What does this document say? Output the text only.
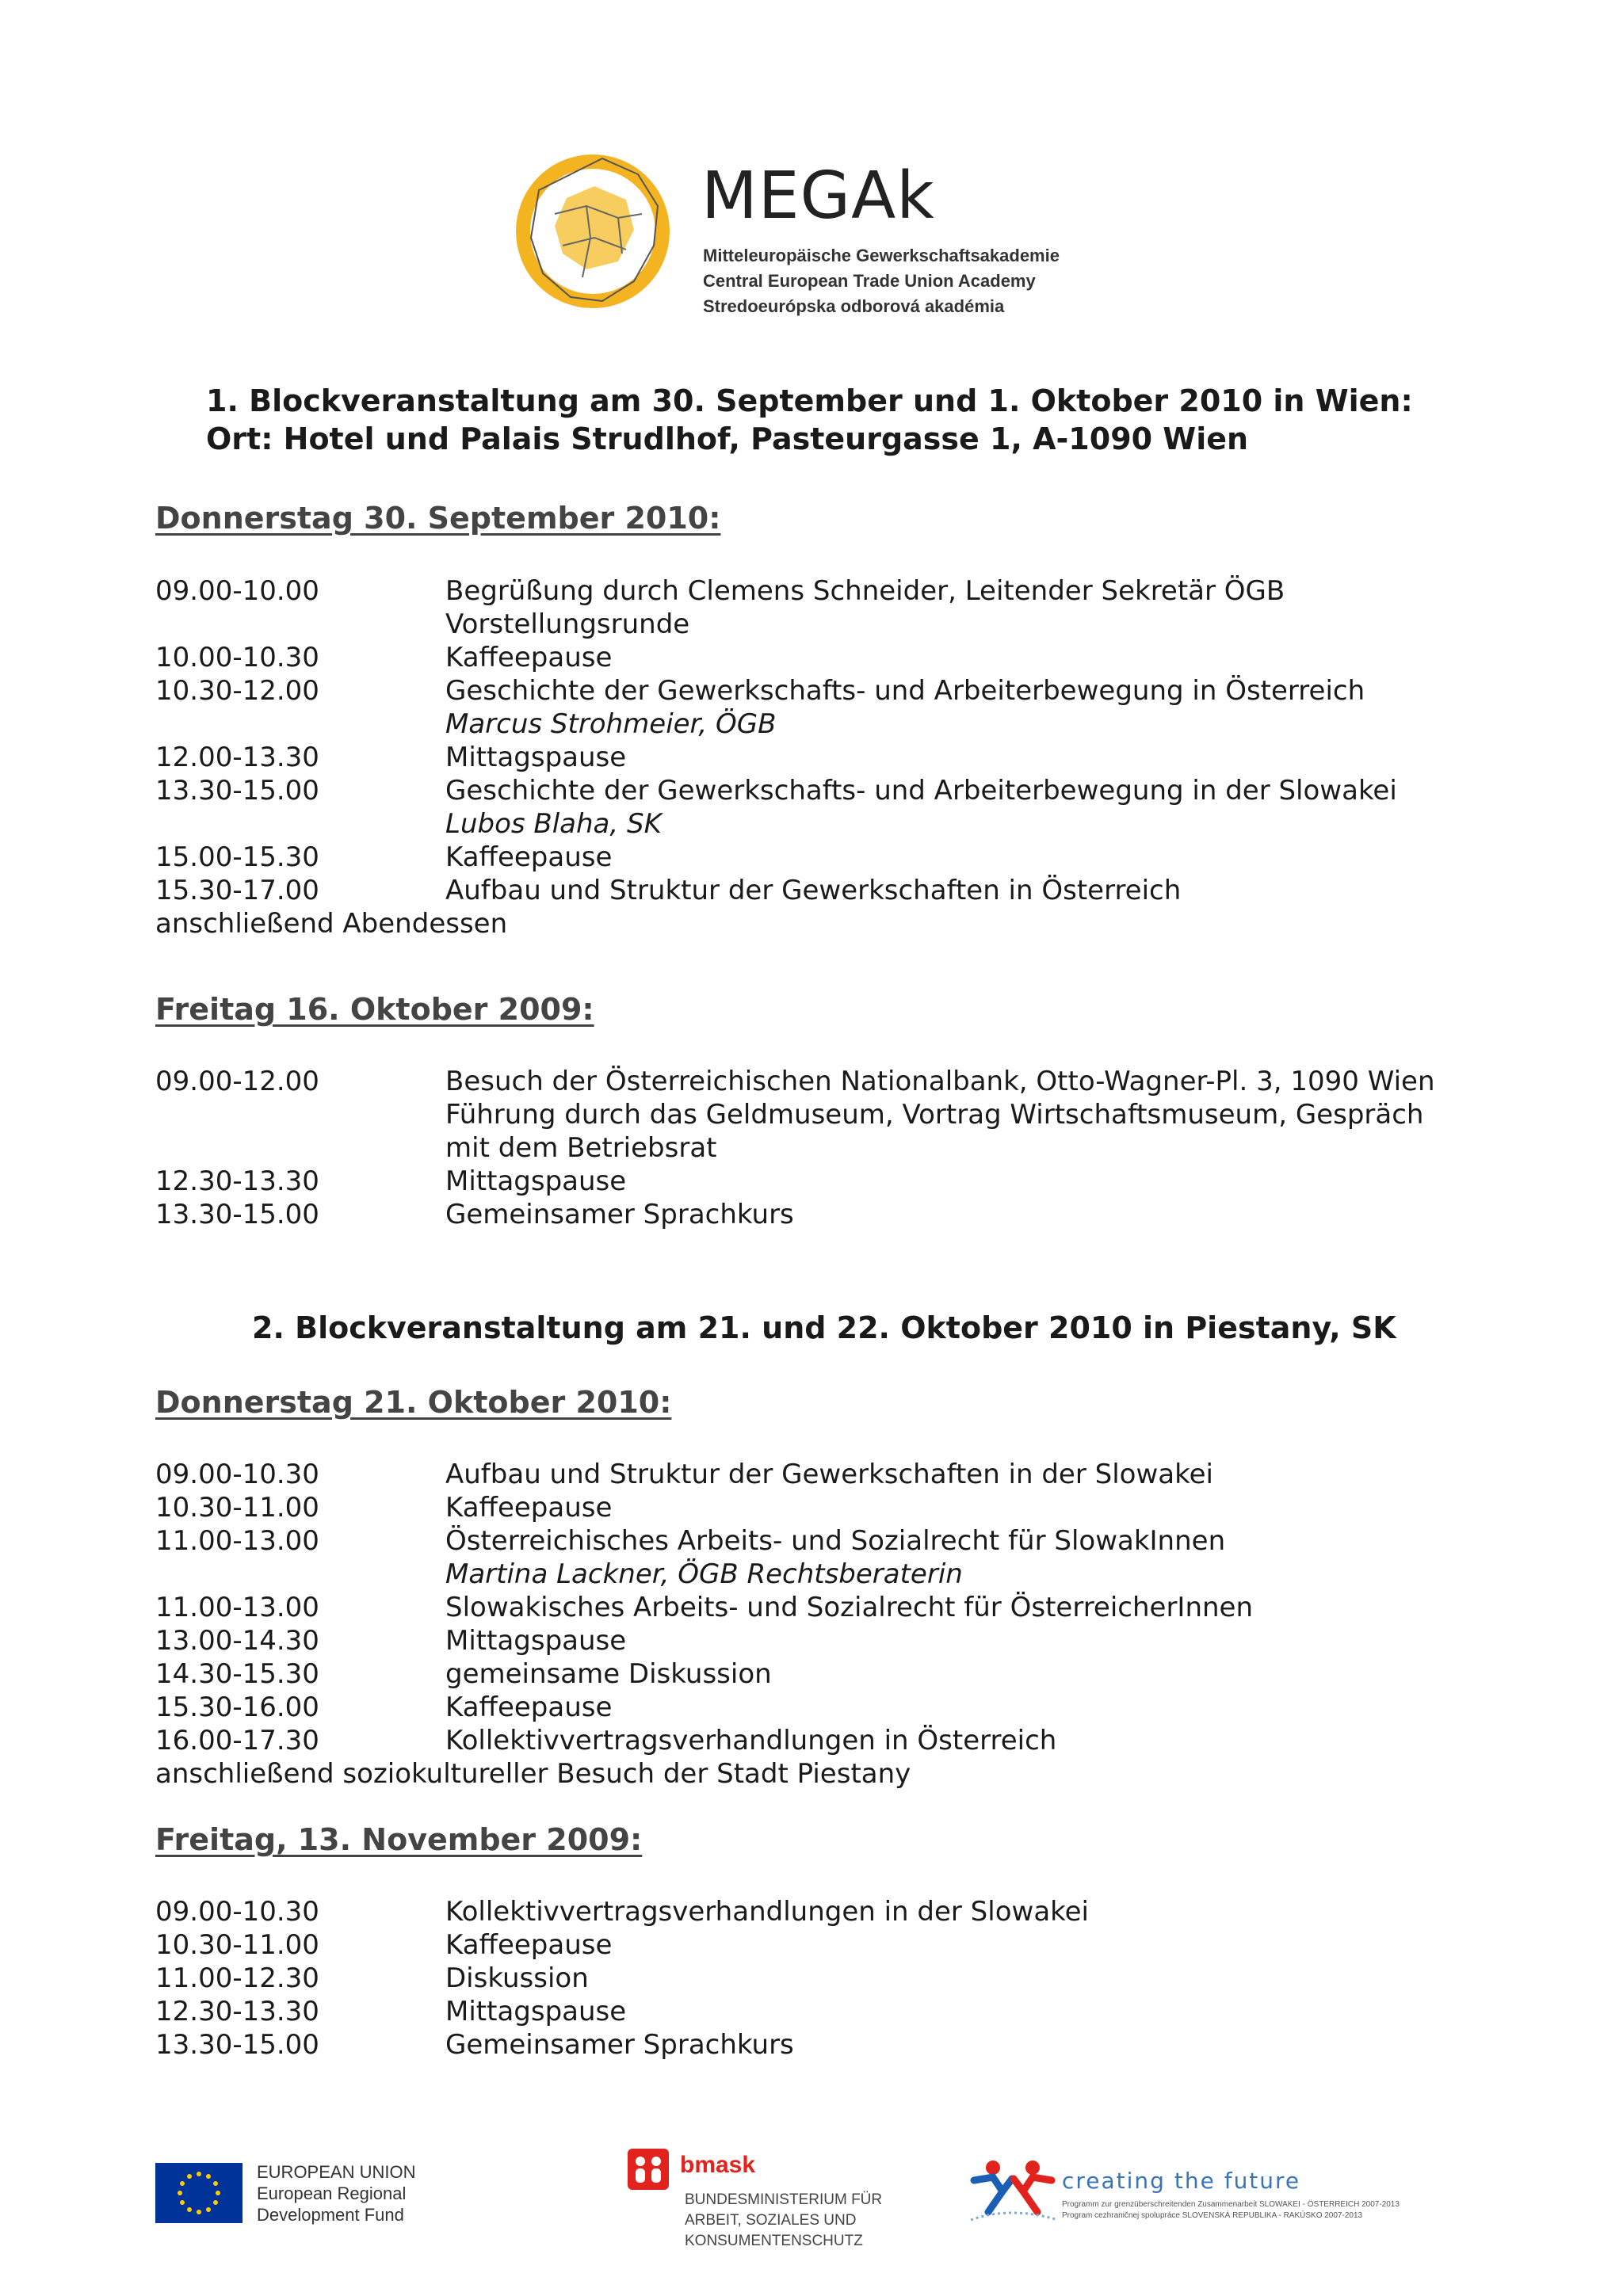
MEGAk
Mitteleuropäische Gewerkschaftsakademie
Central European Trade Union Academy
Stredoeurópska odborová akadémia
1. Blockveranstaltung am 30. September und 1. Oktober 2010 in Wien:
Ort: Hotel und Palais Strudlhof, Pasteurgasse 1, A-1090 Wien
Donnerstag 30. September 2010:
09.00-10.00	Begrüßung durch Clemens Schneider, Leitender Sekretär ÖGB
Vorstellungsrunde
10.00-10.30	Kaffeepause
10.30-12.00	Geschichte der Gewerkschafts- und Arbeiterbewegung in Österreich
Marcus Strohmeier, ÖGB
12.00-13.30	Mittagspause
13.30-15.00	Geschichte der Gewerkschafts- und Arbeiterbewegung in der Slowakei
Lubos Blaha, SK
15.00-15.30	Kaffeepause
15.30-17.00	Aufbau und Struktur der Gewerkschaften in Österreich
anschließend Abendessen
Freitag 16. Oktober 2009:
09.00-12.00	Besuch der Österreichischen Nationalbank, Otto-Wagner-Pl. 3, 1090 Wien
Führung durch das Geldmuseum, Vortrag Wirtschaftsmuseum, Gespräch
mit dem Betriebsrat
12.30-13.30	Mittagspause
13.30-15.00	Gemeinsamer Sprachkurs
2. Blockveranstaltung am 21. und 22. Oktober 2010 in Piestany, SK
Donnerstag 21. Oktober 2010:
09.00-10.30	Aufbau und Struktur der Gewerkschaften in der Slowakei
10.30-11.00	Kaffeepause
11.00-13.00	Österreichisches Arbeits- und Sozialrecht für SlowakInnen
Martina Lackner, ÖGB Rechtsberaterin
11.00-13.00	Slowakisches Arbeits- und Sozialrecht für ÖsterreicherInnen
13.00-14.30	Mittagspause
14.30-15.30	gemeinsame Diskussion
15.30-16.00	Kaffeepause
16.00-17.30	Kollektivvertragsverhandlungen in Österreich
anschließend soziokultureller Besuch der Stadt Piestany
Freitag, 13. November 2009:
09.00-10.30	Kollektivvertragsverhandlungen in der Slowakei
10.30-11.00	Kaffeepause
11.00-12.30	Diskussion
12.30-13.30	Mittagspause
13.30-15.00	Gemeinsamer Sprachkurs
EUROPEAN UNION
European Regional
Development Fund
bmask
BUNDESMINISTERIUM FÜR
ARBEIT, SOZIALES UND
KONSUMENTENSCHUTZ
creating the future
Programm zur grenzüberschreitenden Zusammenarbeit SLOWAKEI - ÖSTERREICH 2007-2013
Program cezhraničnej spolupráce SLOVENSKÁ REPUBLIKA - RAKÚSKO 2007-2013
